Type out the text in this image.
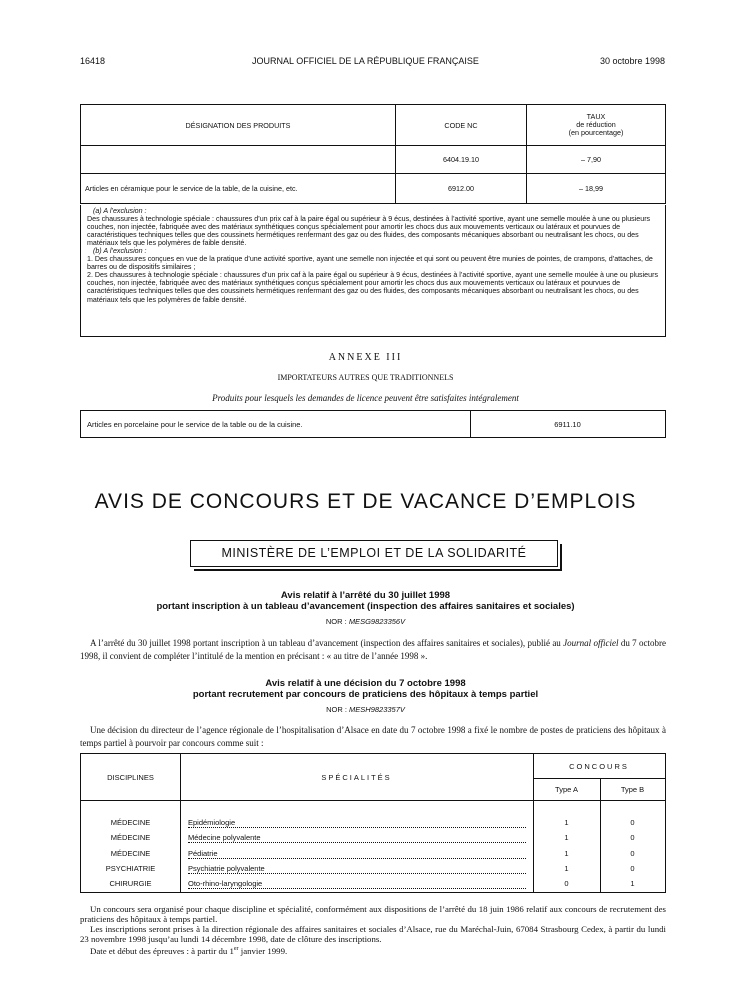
16418	JOURNAL OFFICIEL DE LA RÉPUBLIQUE FRANÇAISE	30 octobre 1998
DÉSIGNATION DES PRODUITS	CODE NC	TAUX
de réduction
(en pourcentage)

	6404.19.10	– 7,90
Articles en céramique pour le service de la table, de la cuisine, etc.	6912.00	– 18,99

(a) A l’exclusion :

Des chaussures à technologie spéciale : chaussures d’un prix caf à la paire égal ou supérieur à 9 écus, destinées à l’activité sportive, ayant une semelle moulée à une ou plusieurs couches, non injectée, fabriquée avec des matériaux synthétiques conçus spécialement pour amortir les chocs dus aux mouvements verticaux ou latéraux et pourvues de caractéristiques techniques telles que des coussinets hermétiques renfermant des gaz ou des fluides, des composants mécaniques absorbant ou neutralisant les chocs, ou des matériaux tels que les polymères de faible densité.

(b) A l’exclusion :

1. Des chaussures conçues en vue de la pratique d’une activité sportive, ayant une semelle non injectée et qui sont ou peuvent être munies de pointes, de crampons, d’attaches, de barres ou de dispositifs similaires ;

2. Des chaussures à technologie spéciale : chaussures d’un prix caf à la paire égal ou supérieur à 9 écus, destinées à l’activité sportive, ayant une semelle moulée à une ou plusieurs couches, non injectée, fabriquée avec des matériaux synthétiques conçus spécialement pour amortir les chocs dus aux mouvements verticaux ou latéraux et pourvues de caractéristiques techniques telles que des coussinets hermétiques renfermant des gaz ou des fluides, des composants mécaniques absorbant ou neutralisant les chocs, ou des matériaux tels que les polymères de faible densité.

ANNEXE III
IMPORTATEURS AUTRES QUE TRADITIONNELS
Produits pour lesquels les demandes de licence peuvent être satisfaites intégralement
Articles en porcelaine pour le service de la table ou de la cuisine.	6911.10
AVIS DE CONCOURS ET DE VACANCE D’EMPLOIS
MINISTÈRE DE L’EMPLOI ET DE LA SOLIDARITÉ
Avis relatif à l’arrêté du 30 juillet 1998
portant inscription à un tableau d’avancement (inspection des affaires sanitaires et sociales)
NOR : MESG9823356V
A l’arrêté du 30 juillet 1998 portant inscription à un tableau d’avancement (inspection des affaires sanitaires et sociales), publié au Journal officiel du 7 octobre 1998, il convient de compléter l’intitulé de la mention en précisant : « au titre de l’année 1998 ».
Avis relatif à une décision du 7 octobre 1998
portant recrutement par concours de praticiens des hôpitaux à temps partiel
NOR : MESH9823357V
Une décision du directeur de l’agence régionale de l’hospitalisation d’Alsace en date du 7 octobre 1998 a fixé le nombre de postes de praticiens des hôpitaux à temps partiel à pourvoir par concours comme suit :
DISCIPLINES	SPÉCIALITÉS
CONCOURS
Type A	Type B
MÉDECINE	Epidémiologie	1	0
MÉDECINE	Médecine polyvalente	1	0
MÉDECINE	Pédiatrie	1	0
PSYCHIATRIE	Psychiatrie polyvalente	1	0
CHIRURGIE	Oto-rhino-laryngologie	0	1
Un concours sera organisé pour chaque discipline et spécialité, conformément aux dispositions de l’arrêté du 18 juin 1986 relatif aux concours de recrutement des praticiens des hôpitaux à temps partiel.
Les inscriptions seront prises à la direction régionale des affaires sanitaires et sociales d’Alsace, rue du Maréchal-Juin, 67084 Strasbourg Cedex, à partir du lundi 23 novembre 1998 jusqu’au lundi 14 décembre 1998, date de clôture des inscriptions.
Date et début des épreuves : à partir du 1er janvier 1999.
